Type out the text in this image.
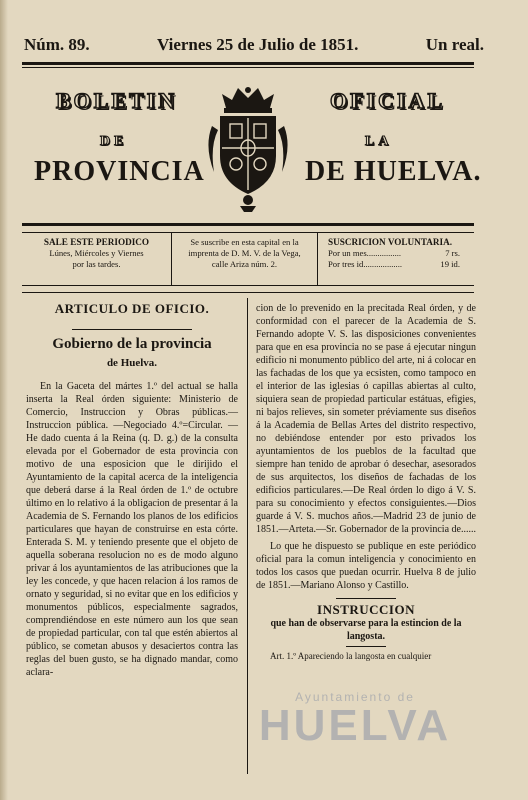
Núm. 89.	Viernes 25 de Julio de 1851.	Un real.
BOLETIN	OFICIAL
DE	LA
PROVINCIA	DE HUELVA.
SALE ESTE PERIODICO
Lúnes, Miércoles y Viernes
por las tardes.
Se suscribe en esta capital en la
imprenta de D. M. V. de la Vega,
calle Ariza núm. 2.
SUSCRICION VOLUNTARIA.
Por un mes................	7 rs.
Por tres id..................	19 id.
ARTICULO DE OFICIO.
Gobierno de la provincia
de Huelva.

En la Gaceta del mártes 1.º del actual se halla inserta la Real órden siguiente: Ministerio de Comercio, Instruccion y Obras públicas.—Instruccion pública. —Negociado 4.º=Circular. — He dado cuenta á la Reina (q. D. g.) de la consulta elevada por el Gobernador de esta provincia con motivo de una esposicion que le dirijido el Ayuntamiento de la capital acerca de la inteligencia que deberá darse á la Real órden de 1.º de octubre último en lo relativo á la obligacion de presentar á la Academia de S. Fernando los planos de los edificios particulares que hayan de construirse en esta córte. Enterada S. M. y teniendo presente que el objeto de aquella soberana resolucion no es de modo alguno privar á los ayuntamientos de las atribuciones que la ley les concede, y que hacen relacion á los ramos de ornato y seguridad, si no evitar que en los edificios y monumentos públicos, especialmente sagrados, comprendiéndose en este número aun los que sean de propiedad particular, con tal que estén abiertos al público, se cometan abusos y desaciertos contra las reglas del buen gusto, se ha dignado mandar, como aclara-

cion de lo prevenido en la precitada Real órden, y de conformidad con el parecer de la Academia de S. Fernando adopte V. S. las disposiciones convenientes para que en esa provincia no se pase á ejecutar ningun edificio ni monumento público del arte, ni á colocar en las fachadas de los que ya ecsisten, como tampoco en el interior de las iglesias ó capillas abiertas al culto, siquiera sean de propiedad particular estátuas, efigies, ni bajos relieves, sin someter préviamente sus diseños á la Academia de Bellas Artes del distrito respectivo, no debiéndose entender por esto privados los ayuntamientos de los pueblos de la facultad que siempre han tenido de aprobar ó desechar, asesorados de sus arquitectos, los diseños de fachadas de los edificios particulares.—De Real órden lo digo á V. S. para su conocimiento y efectos consiguientes.—Dios guarde á V. S. muchos años.—Madrid 23 de junio de 1851.—Arteta.—Sr. Gobernador de la provincia de......

Lo que he dispuesto se publique en este periódico oficial para la comun inteligencia y conocimiento en todos los casos que puedan ocurrir. Huelva 8 de julio de 1851.—Mariano Alonso y Castillo.

INSTRUCCION
que han de observarse para la estincion de la langosta.

Art. 1.º Apareciendo la langosta en cualquier

Ayuntamiento de
HUELVA
